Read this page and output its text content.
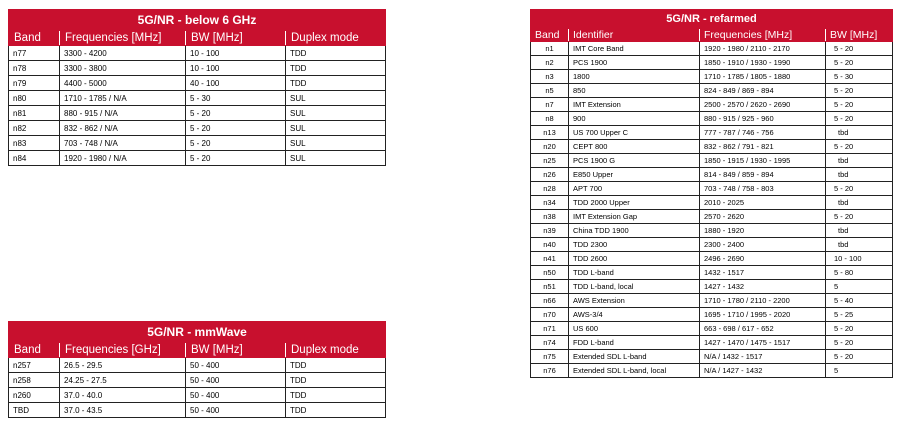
5G/NR - below 6 GHz			
Band	Frequencies [MHz]	BW [MHz]	Duplex mode
n77	3300 - 4200	10 - 100	TDD
n78	3300 - 3800	10 - 100	TDD
n79	4400 - 5000	40 - 100	TDD
n80	1710 - 1785 / N/A	5 - 30	SUL
n81	880 - 915 / N/A	5 - 20	SUL
n82	832 - 862 / N/A	5 - 20	SUL
n83	703 - 748 / N/A	5 - 20	SUL
n84	1920 - 1980 / N/A	5 - 20	SUL
5G/NR - mmWave			
Band	Frequencies [GHz]	BW [MHz]	Duplex mode
n257	26.5 - 29.5	50 - 400	TDD
n258	24.25 - 27.5	50 - 400	TDD
n260	37.0 - 40.0	50 - 400	TDD
TBD	37.0 - 43.5	50 - 400	TDD
5G/NR - refarmed			
Band	Identifier	Frequencies [MHz]	BW [MHz]
n1	IMT Core Band	1920 - 1980 / 2110 - 2170	5 - 20
n2	PCS 1900	1850 - 1910 / 1930 - 1990	5 - 20
n3	1800	1710 - 1785 / 1805 - 1880	5 - 30
n5	850	824 - 849 / 869 - 894	5 - 20
n7	IMT Extension	2500 - 2570 / 2620 - 2690	5 - 20
n8	900	880 - 915 / 925 - 960	5 - 20
n13	US 700 Upper C	777 - 787 / 746 - 756	tbd
n20	CEPT 800	832 - 862 / 791 - 821	5 - 20
n25	PCS 1900 G	1850 - 1915 / 1930 - 1995	tbd
n26	E850 Upper	814 - 849 / 859 - 894	tbd
n28	APT 700	703 - 748 / 758 - 803	5 - 20
n34	TDD 2000 Upper	2010 - 2025	tbd
n38	IMT Extension Gap	2570 - 2620	5 - 20
n39	China TDD 1900	1880 - 1920	tbd
n40	TDD 2300	2300 - 2400	tbd
n41	TDD 2600	2496 - 2690	10 - 100
n50	TDD L-band	1432 - 1517	5 - 80
n51	TDD L-band, local	1427 - 1432	5
n66	AWS Extension	1710 - 1780 / 2110 - 2200	5 - 40
n70	AWS-3/4	1695 - 1710 / 1995 - 2020	5 - 25
n71	US 600	663 - 698 / 617 - 652	5 - 20
n74	FDD L-band	1427 - 1470 / 1475 - 1517	5 - 20
n75	Extended SDL L-band	N/A / 1432 - 1517	5 - 20
n76	Extended SDL L-band, local	N/A / 1427 - 1432	5
